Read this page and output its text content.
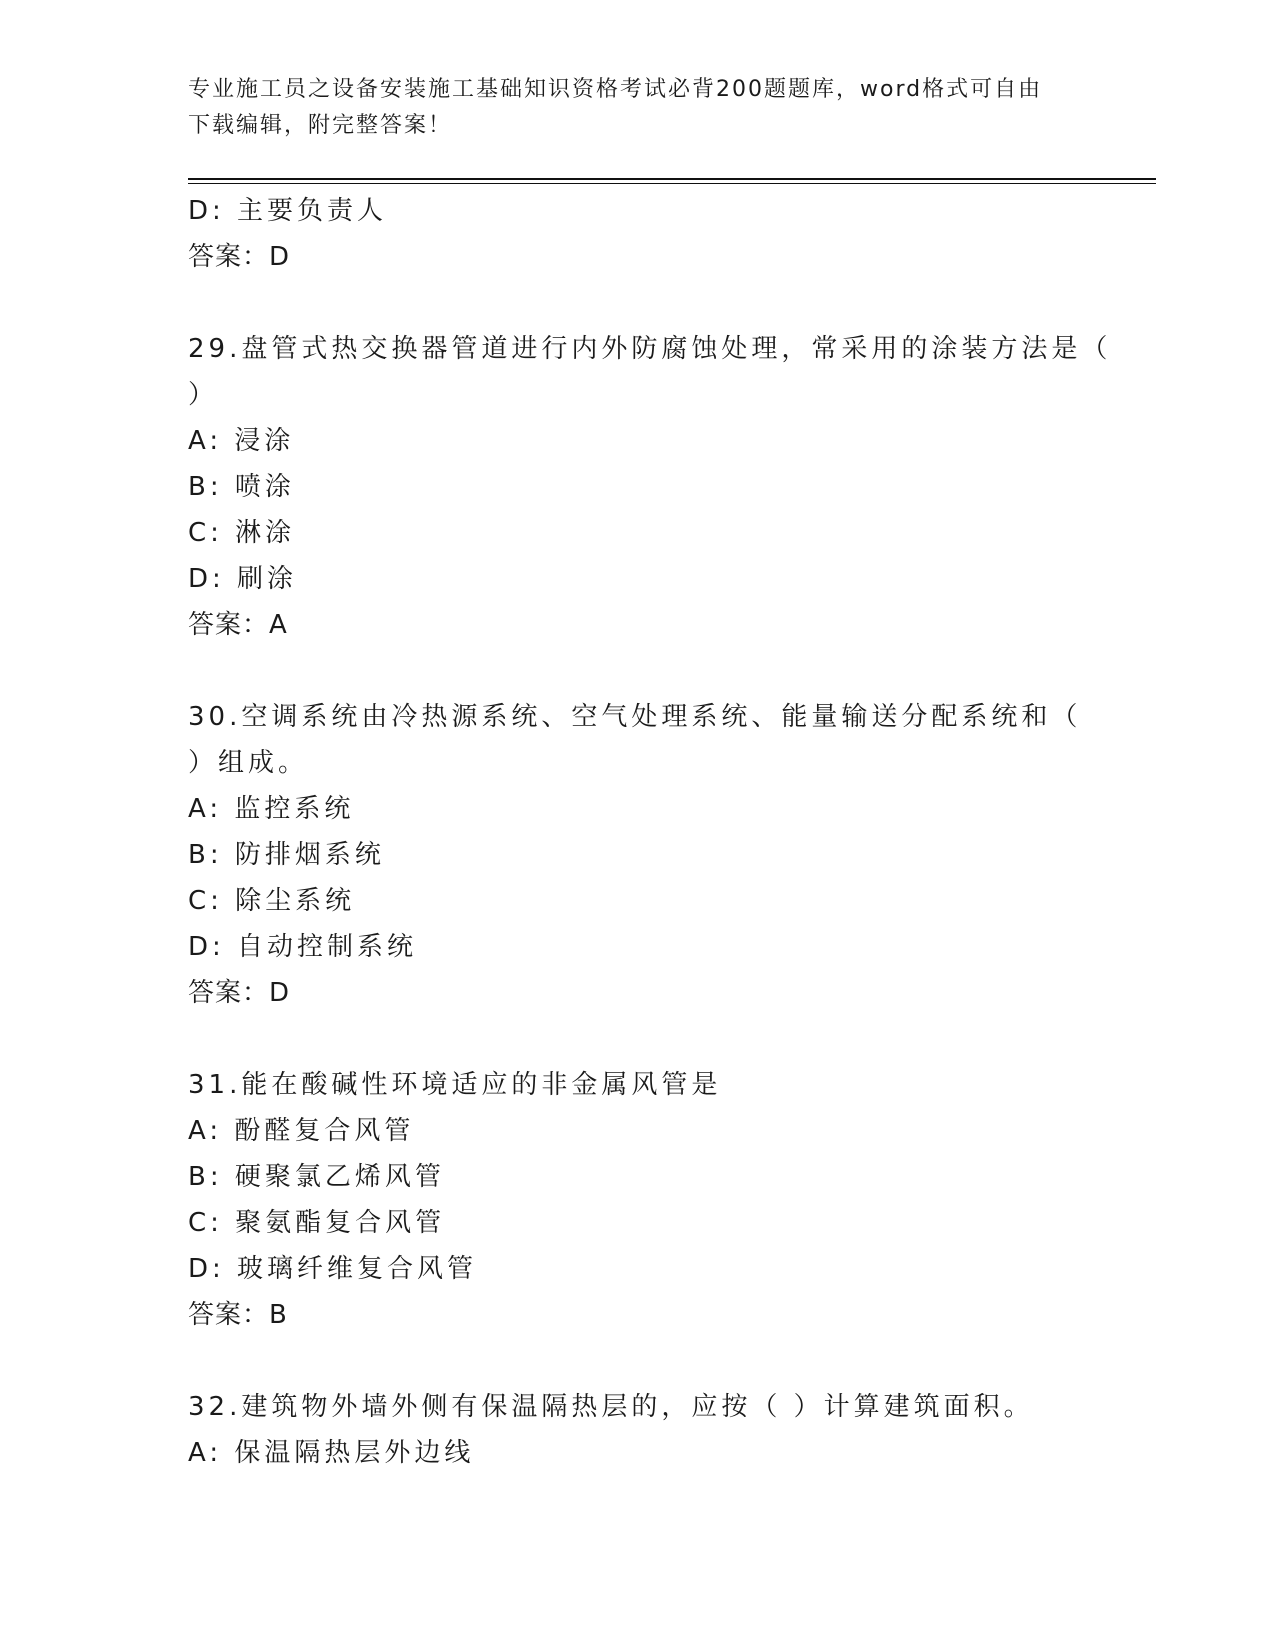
专业施工员之设备安装施工基础知识资格考试必背200题题库，word格式可自由
下载编辑，附完整答案！
D: 主要负责人
答案：D
29.盘管式热交换器管道进行内外防腐蚀处理，常采用的涂装方法是（
）
A: 浸涂
B: 喷涂
C: 淋涂
D: 刷涂
答案：A
30.空调系统由冷热源系统、空气处理系统、能量输送分配系统和（
）组成。
A: 监控系统
B: 防排烟系统
C: 除尘系统
D: 自动控制系统
答案：D
31.能在酸碱性环境适应的非金属风管是
A: 酚醛复合风管
B: 硬聚氯乙烯风管
C: 聚氨酯复合风管
D: 玻璃纤维复合风管
答案：B
32.建筑物外墙外侧有保温隔热层的，应按（ ）计算建筑面积。
A: 保温隔热层外边线
